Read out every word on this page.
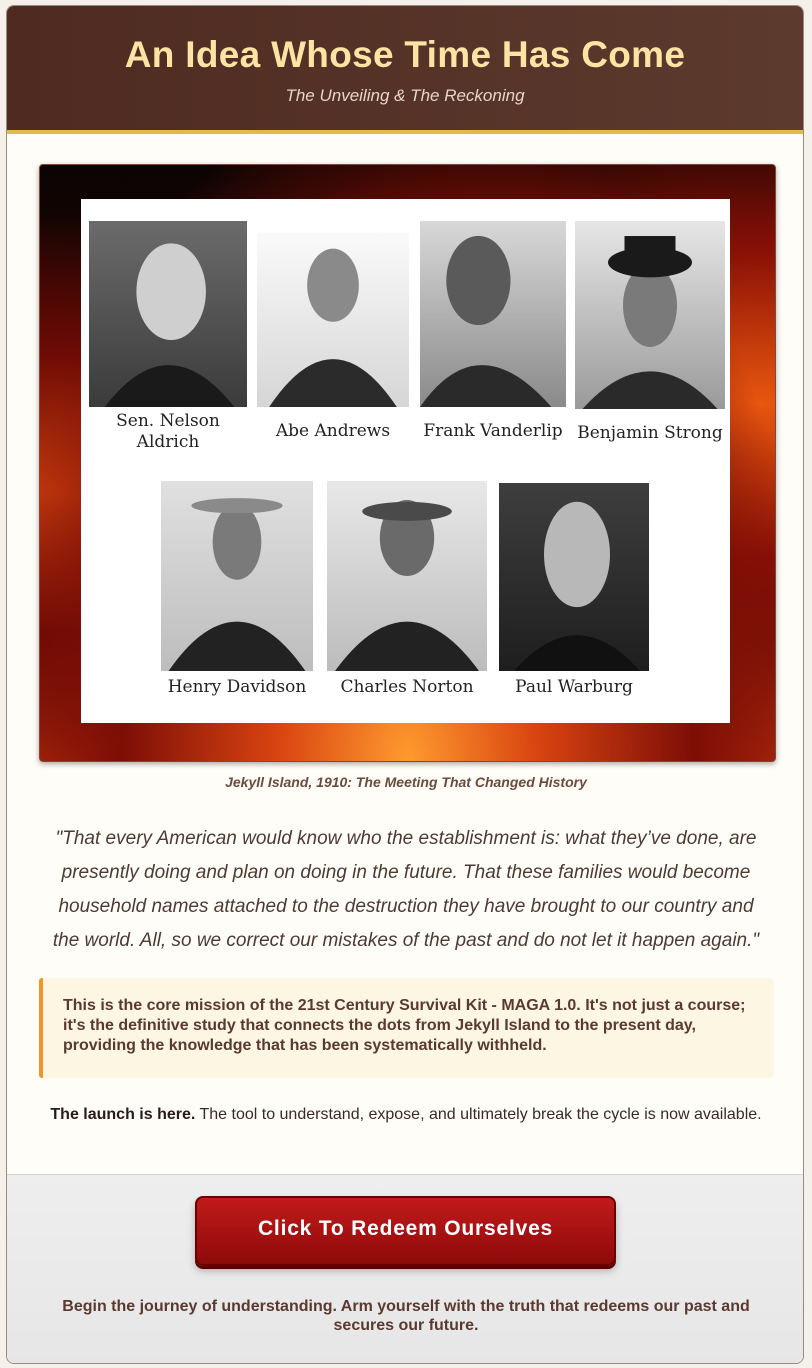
An Idea Whose Time Has Come

The Unveiling & The Reckoning

Sen. Nelson
Aldrich
Abe Andrews	Frank Vanderlip Benjamin Strong
Henry Davidson	Charles Norton	Paul Warburg
Jekyll Island, 1910: The Meeting That Changed History

"That every American would know who the establishment is: what they’ve done, are presently doing and plan on doing in the future. That these families would become household names attached to the destruction they have brought to our country and the world. All, so we correct our mistakes of the past and do not let it happen again."

This is the core mission of the 21st Century Survival Kit - MAGA 1.0. It's not just a course; it's the definitive study that connects the dots from Jekyll Island to the present day, providing the knowledge that has been systematically withheld.
The launch is here. The tool to understand, expose, and ultimately break the cycle is now available.
Click To Redeem Ourselves
Begin the journey of understanding. Arm yourself with the truth that redeems our past and secures our future.
